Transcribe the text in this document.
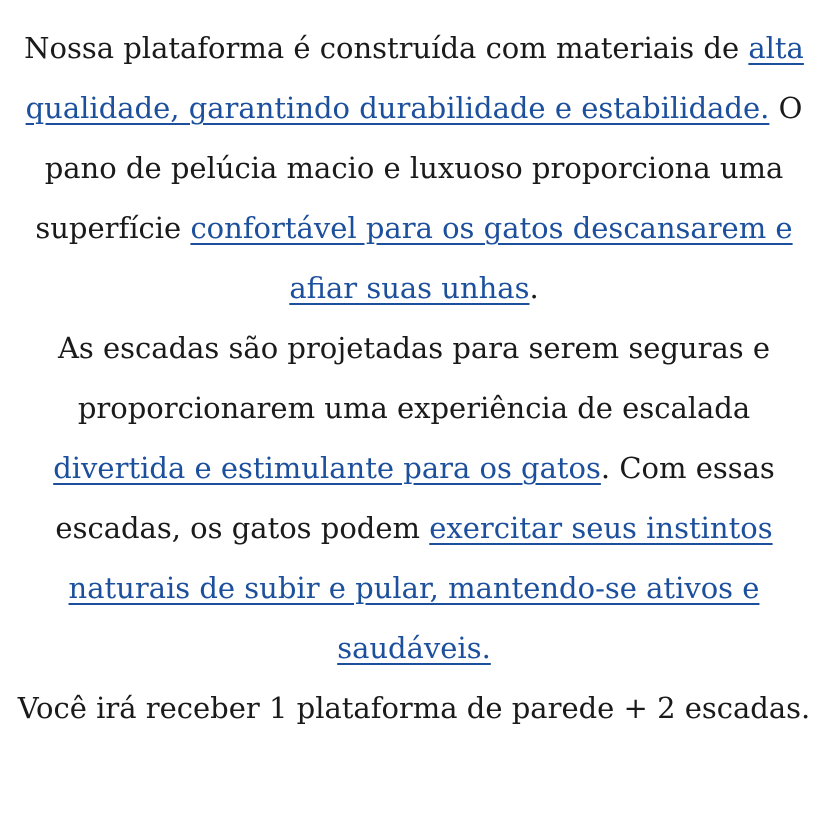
Nossa plataforma é construída com materiais de alta qualidade, garantindo durabilidade e estabilidade. O pano de pelúcia macio e luxuoso proporciona uma superfície confortável para os gatos descansarem e afiar suas unhas.

As escadas são projetadas para serem seguras e proporcionarem uma experiência de escalada divertida e estimulante para os gatos. Com essas escadas, os gatos podem exercitar seus instintos naturais de subir e pular, mantendo-se ativos e saudáveis.

Você irá receber 1 plataforma de parede + 2 escadas.
